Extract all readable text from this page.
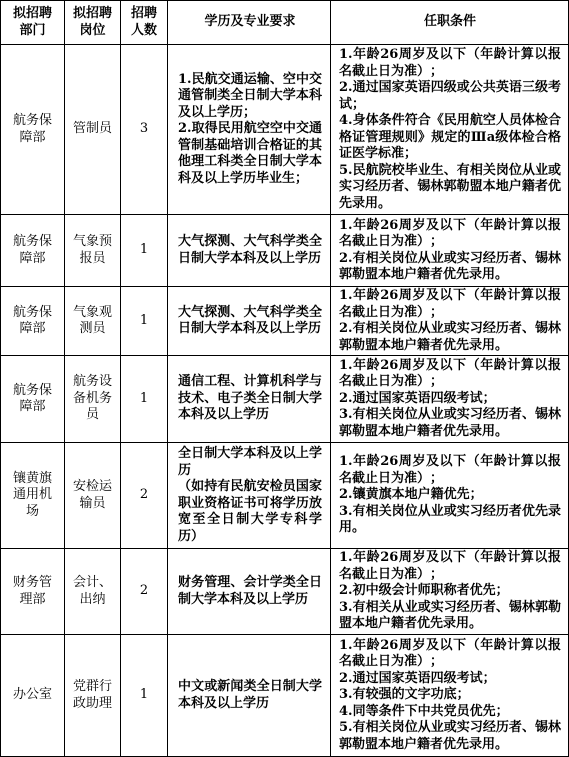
拟招聘部门
拟招聘岗位
招聘人数
学历及专业要求	任职条件
航务保障部
管制员 3

1.民航交通运输、空中交通管制类全日制大学本科及以上学历；

2.取得民用航空空中交通管制基础培训合格证的其他理工科类全日制大学本科及以上学历毕业生；

1.年龄26周岁及以下（年龄计算以报名截止日为准）；

2.通过国家英语四级或公共英语三级考试；

4.身体条件符合《民用航空人员体检合格证管理规则》规定的Ⅲa级体检合格证医学标准；

5.民航院校毕业生、有相关岗位从业或实习经历者、锡林郭勒盟本地户籍者优先录用。

航务保障部
气象预报员
1

大气探测、大气科学类全日制大学本科及以上学历

1.年龄26周岁及以下（年龄计算以报名截止日为准）；

2.有相关岗位从业或实习经历者、锡林郭勒盟本地户籍者优先录用。

航务保障部
气象观测员
1

大气探测、大气科学类全日制大学本科及以上学历

1.年龄26周岁及以下（年龄计算以报名截止日为准）；

2.有相关岗位从业或实习经历者、锡林郭勒盟本地户籍者优先录用。

航务保障部
航务设备机务员
1

通信工程、计算机科学与技术、电子类全日制大学本科及以上学历

1.年龄26周岁及以下（年龄计算以报名截止日为准）；

2.通过国家英语四级考试；

3.有相关岗位从业或实习经历者、锡林郭勒盟本地户籍者优先录用。

镶黄旗通用机场
安检运输员
2

全日制大学本科及以上学历

（如持有民航安检员国家职业资格证书可将学历放宽至全日制大学专科学历）

1.年龄26周岁及以下（年龄计算以报名截止日为准）；

2.镶黄旗本地户籍优先；

3.有相关岗位从业或实习经历者优先录用。

财务管理部
会计、出纳
2

财务管理、会计学类全日制大学本科及以上学历

1.年龄26周岁及以下（年龄计算以报名截止日为准）；

2.初中级会计师职称者优先；

3.有相关从业或实习经历者、锡林郭勒盟本地户籍者优先录用。

办公室
党群行政助理
1

中文或新闻类全日制大学本科及以上学历

1.年龄26周岁及以下（年龄计算以报名截止日为准）；

2.通过国家英语四级考试；

3.有较强的文字功底；

4.同等条件下中共党员优先；

5.有相关岗位从业或实习经历者、锡林郭勒盟本地户籍者优先录用。
